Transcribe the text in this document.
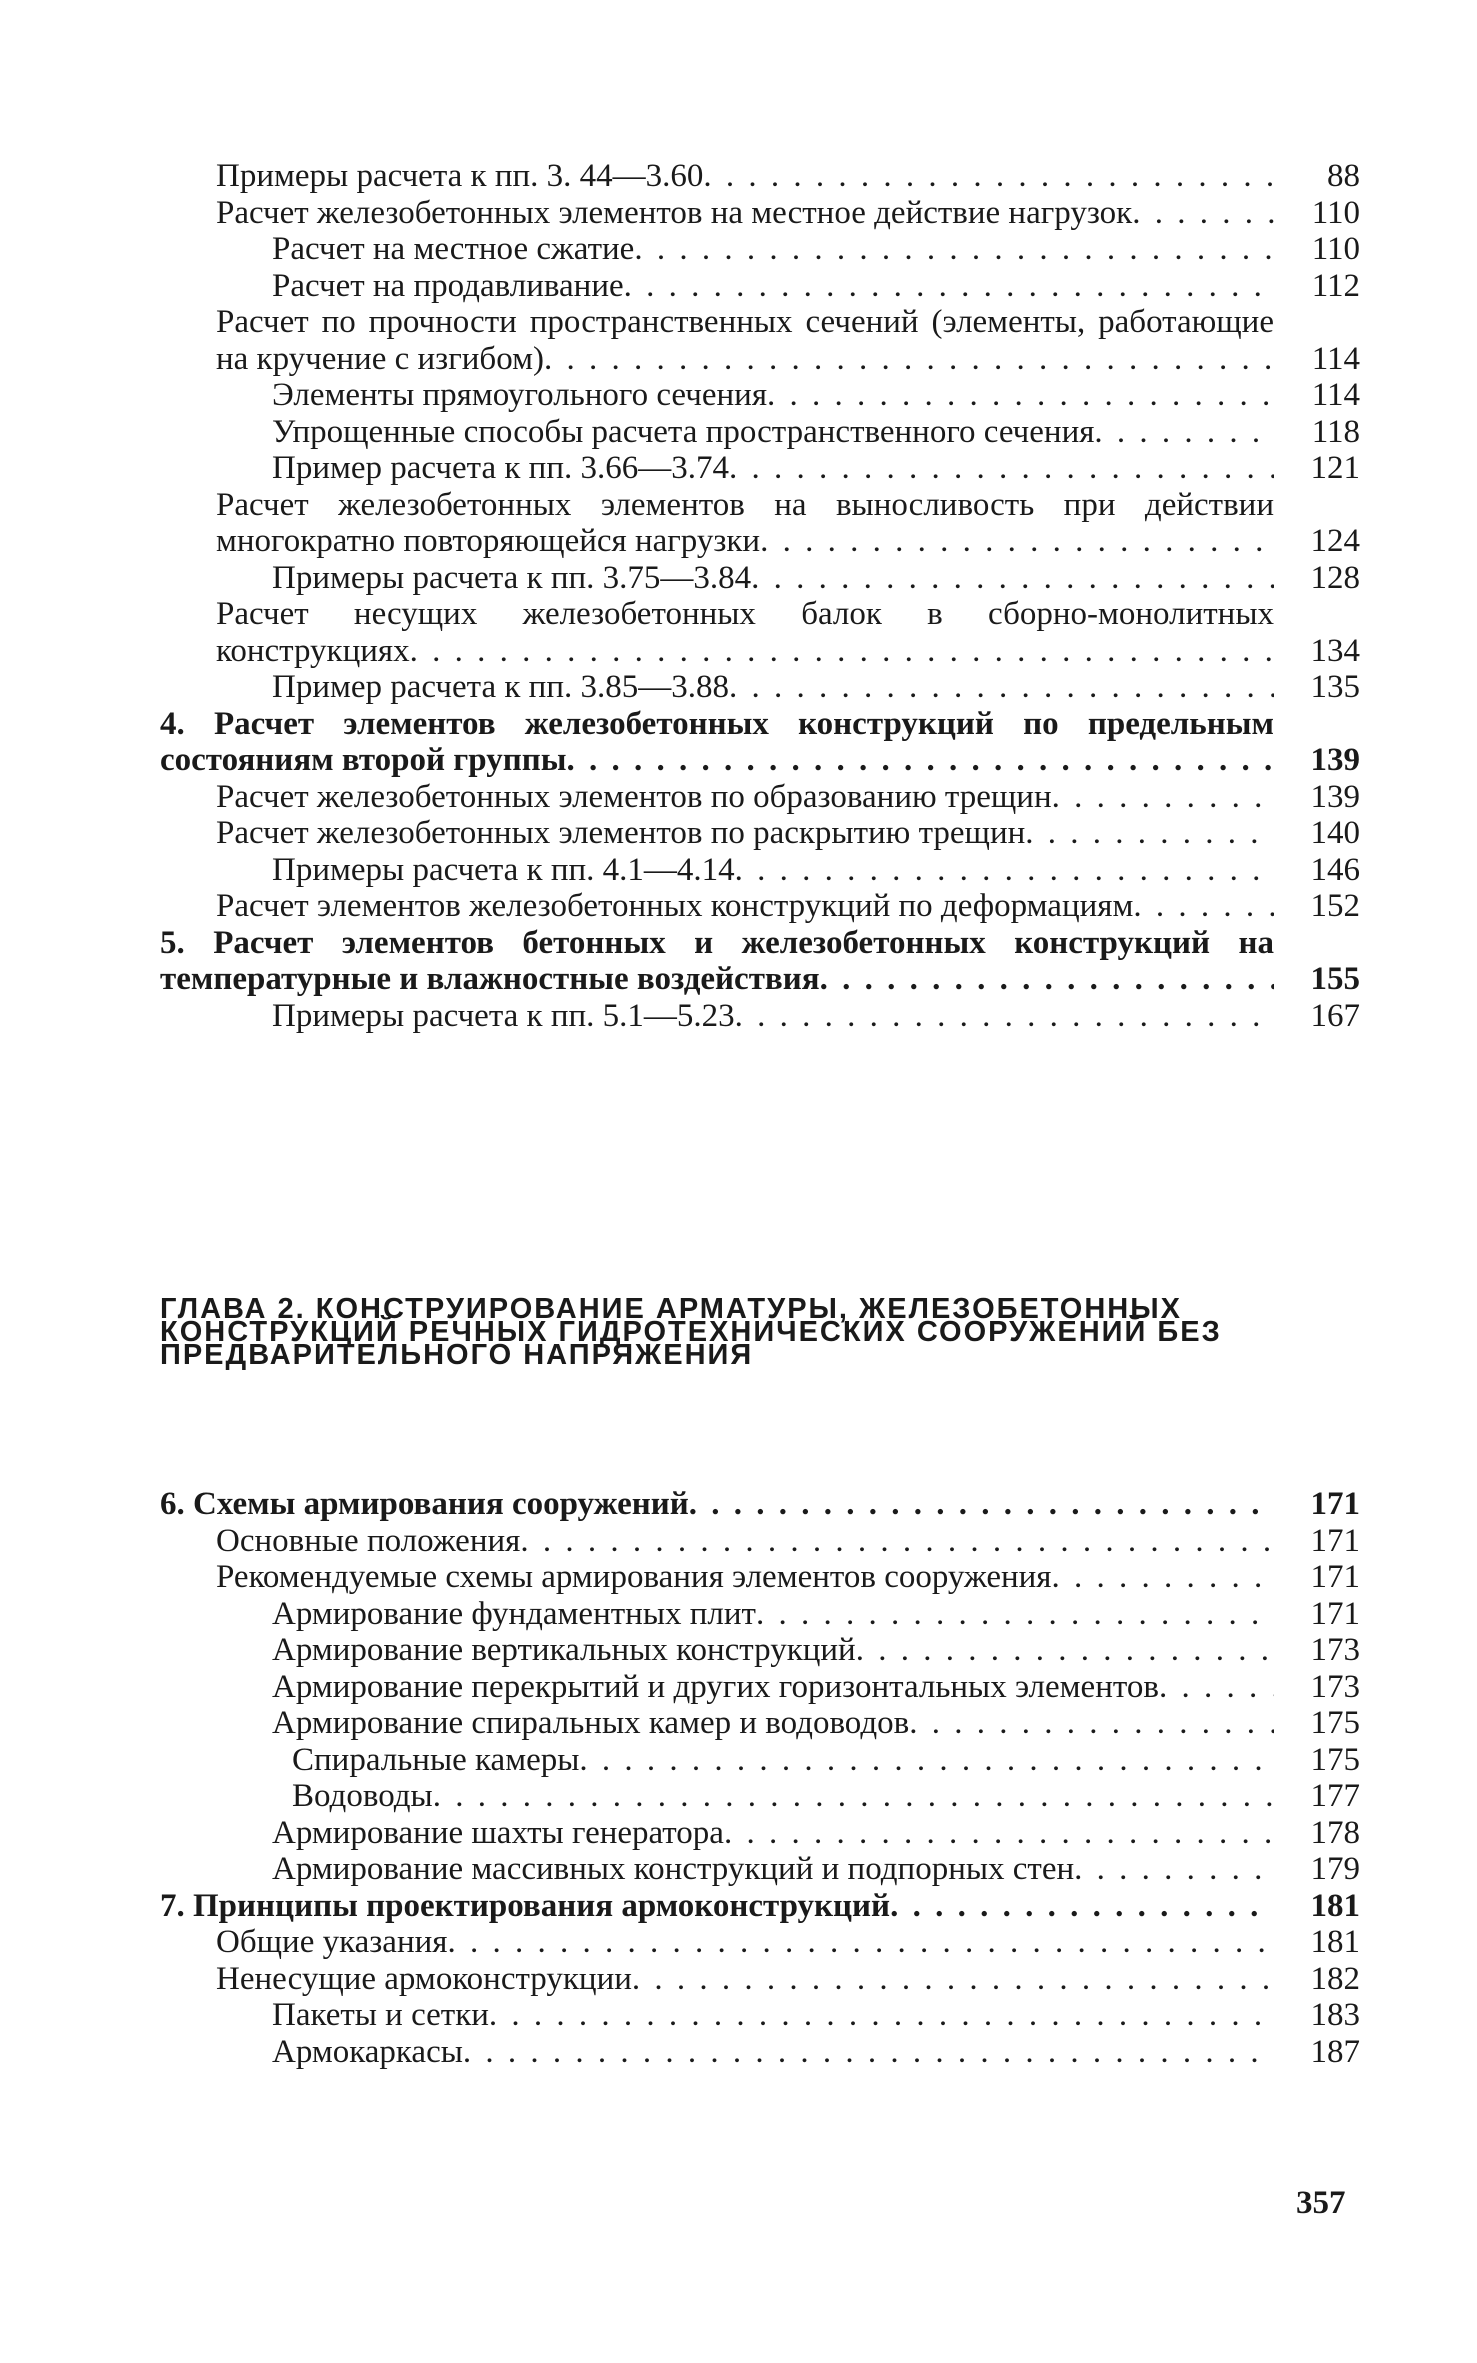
Примеры расчета к пп. 3. 44—3.60 . . .	88
Расчет железобетонных элементов на местное действие нагрузок . . .	110
Расчет на местное сжатие . . .	110
Расчет на продавливание . . .	112
Расчет по прочности пространственных сечений (элементы, работающие на кручение с изгибом) . . .	114
Элементы прямоугольного сечения . . .	114
Упрощенные способы расчета пространственного сечения . . .	118
Пример расчета к пп. 3.66—3.74 . . .	121
Расчет железобетонных элементов на выносливость при действии многократно повторяющейся нагрузки . . .	124
Примеры расчета к пп. 3.75—3.84 . . .	128
Расчет несущих железобетонных балок в сборно-монолитных конструкциях . . .	134
Пример расчета к пп. 3.85—3.88 . . .	135
4. Расчет элементов железобетонных конструкций по предельным состояниям второй группы . . .	139
Расчет железобетонных элементов по образованию трещин . . .	139
Расчет железобетонных элементов по раскрытию трещин . . .	140
Примеры расчета к пп. 4.1—4.14 . . .	146
Расчет элементов железобетонных конструкций по деформациям . . .	152
5. Расчет элементов бетонных и железобетонных конструкций на температурные и влажностные воздействия . . .	155
Примеры расчета к пп. 5.1—5.23 . . .	167
ГЛАВА 2. КОНСТРУИРОВАНИЕ АРМАТУРЫ, ЖЕЛЕЗОБЕТОННЫХ КОНСТРУКЦИЙ РЕЧНЫХ ГИДРОТЕХНИЧЕСКИХ СООРУЖЕНИЙ БЕЗ ПРЕДВАРИТЕЛЬНОГО НАПРЯЖЕНИЯ
6. Схемы армирования сооружений . . .	171
Основные положения . . .	171
Рекомендуемые схемы армирования элементов сооружения . . .	171
Армирование фундаментных плит . . .	171
Армирование вертикальных конструкций . . .	173
Армирование перекрытий и других горизонтальных элементов . . .	173
Армирование спиральных камер и водоводов . . .	175
Спиральные камеры . . .	175
Водоводы . . .	177
Армирование шахты генератора . . .	178
Армирование массивных конструкций и подпорных стен . . .	179
7. Принципы проектирования армоконструкций . . .	181
Общие указания . . .	181
Ненесущие армоконструкции . . .	182
Пакеты и сетки . . .	183
Армокаркасы . . .	187
357
